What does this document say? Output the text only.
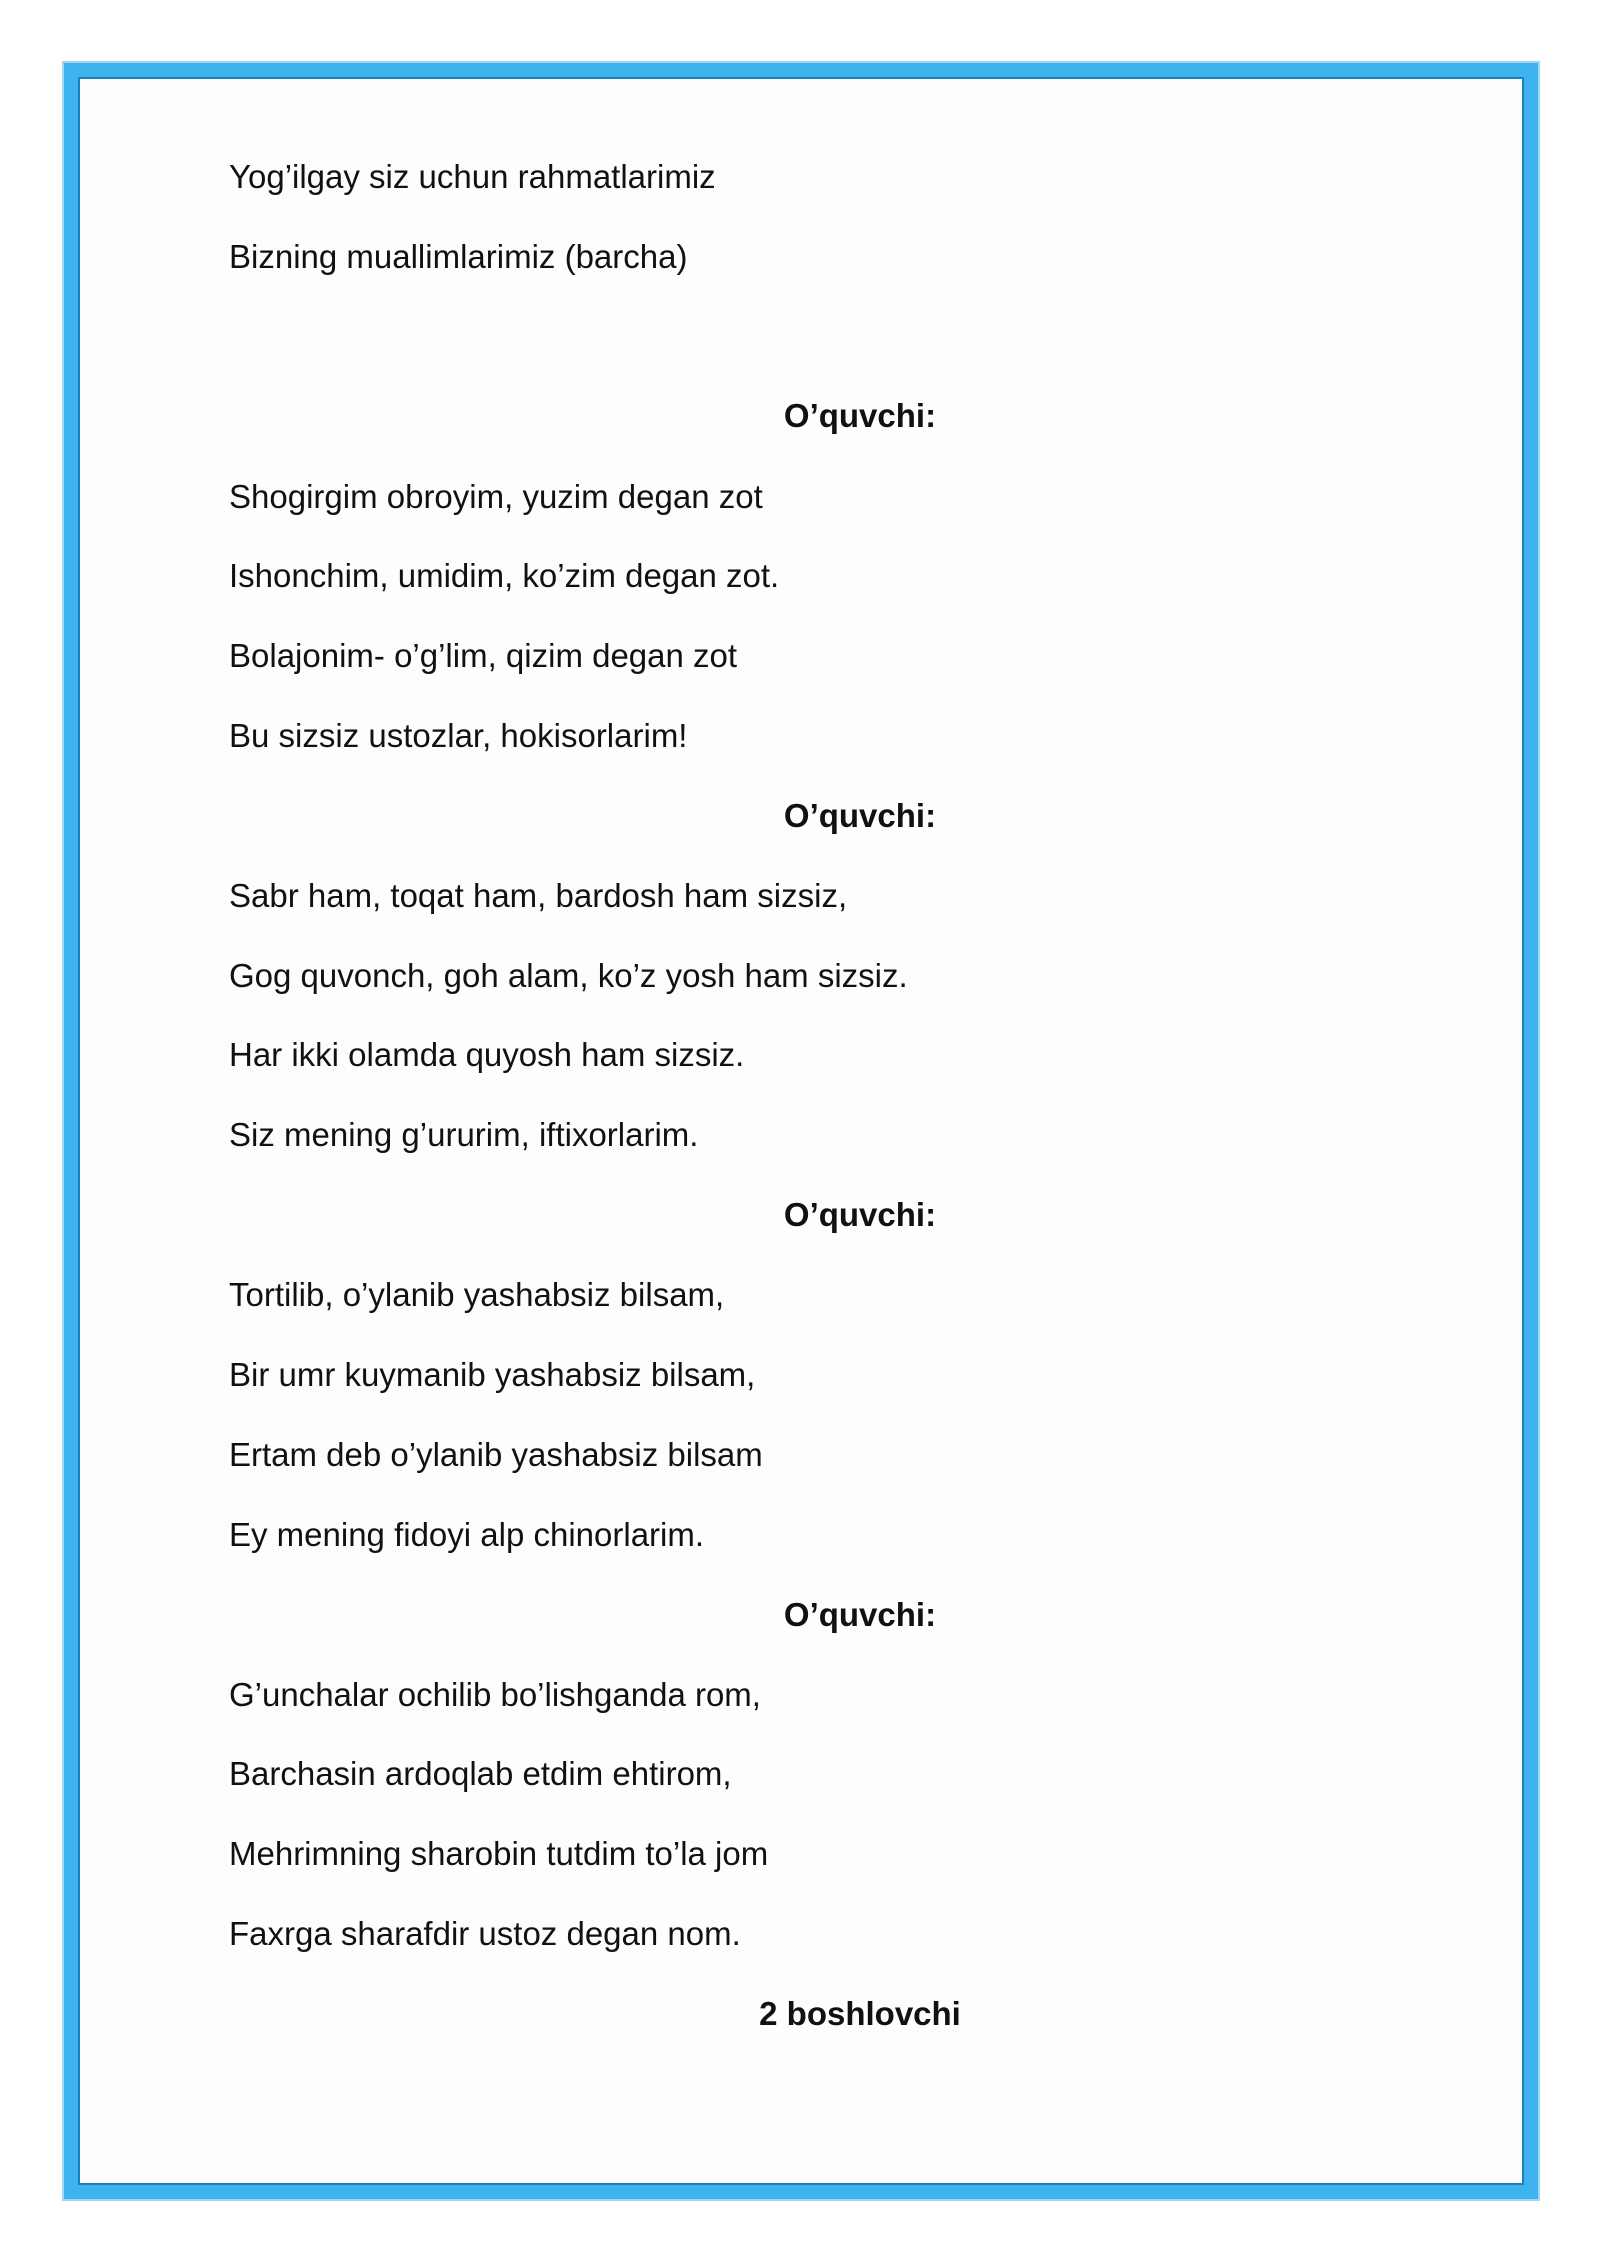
Yog’ilgay siz uchun rahmatlarimiz
Bizning muallimlarimiz (barcha)
O’quvchi:
Shogirgim obroyim, yuzim degan zot
Ishonchim, umidim, ko’zim degan zot.
Bolajonim- o’g’lim, qizim degan zot
Bu sizsiz ustozlar, hokisorlarim!
O’quvchi:
Sabr ham, toqat ham, bardosh ham sizsiz,
Gog quvonch, goh alam, ko’z yosh ham sizsiz.
Har ikki olamda quyosh ham sizsiz.
Siz mening g’ururim, iftixorlarim.
O’quvchi:
Tortilib, o’ylanib yashabsiz bilsam,
Bir umr kuymanib yashabsiz bilsam,
Ertam deb o’ylanib yashabsiz bilsam
Ey mening fidoyi alp chinorlarim.
O’quvchi:
G’unchalar ochilib bo’lishganda rom,
Barchasin ardoqlab etdim ehtirom,
Mehrimning sharobin tutdim to’la jom
Faxrga sharafdir ustoz degan nom.
2 boshlovchi
